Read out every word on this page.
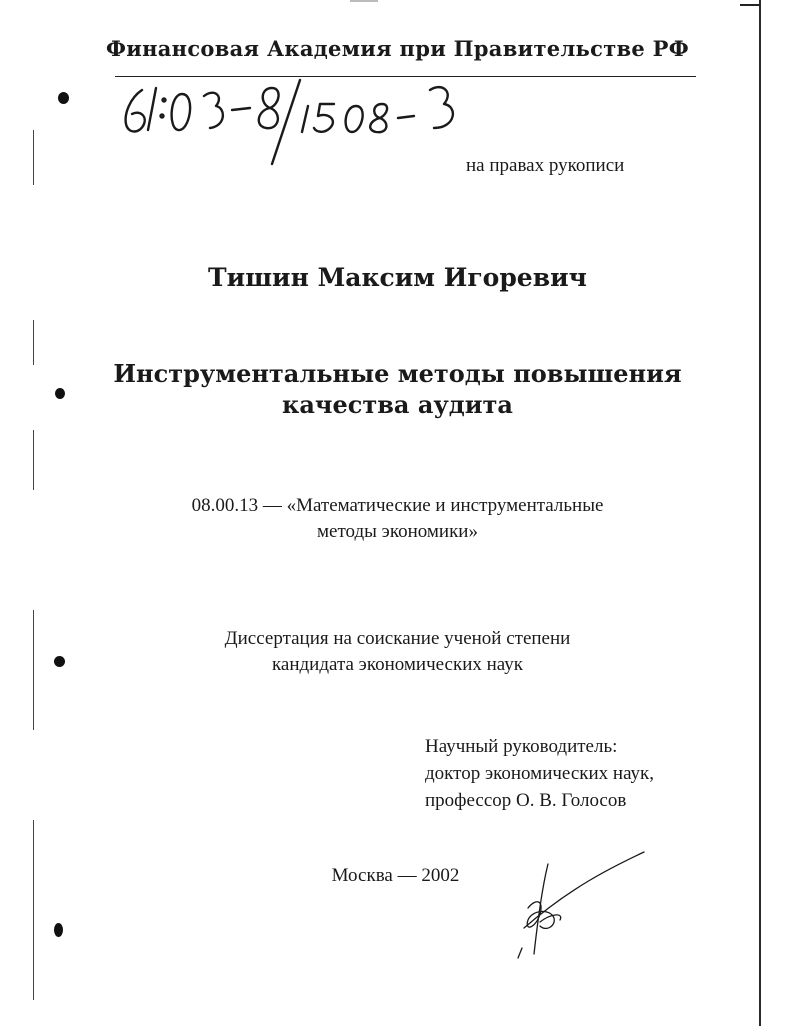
Финансовая Академия при Правительстве РФ
на правах рукописи
Тишин Максим Игоревич
Инструментальные методы повышения
качества аудита
08.00.13 — «Математические и инструментальные
методы экономики»
Диссертация на соискание ученой степени
кандидата экономических наук
Научный руководитель:
доктор экономических наук,
профессор О. В. Голосов
Москва — 2002
